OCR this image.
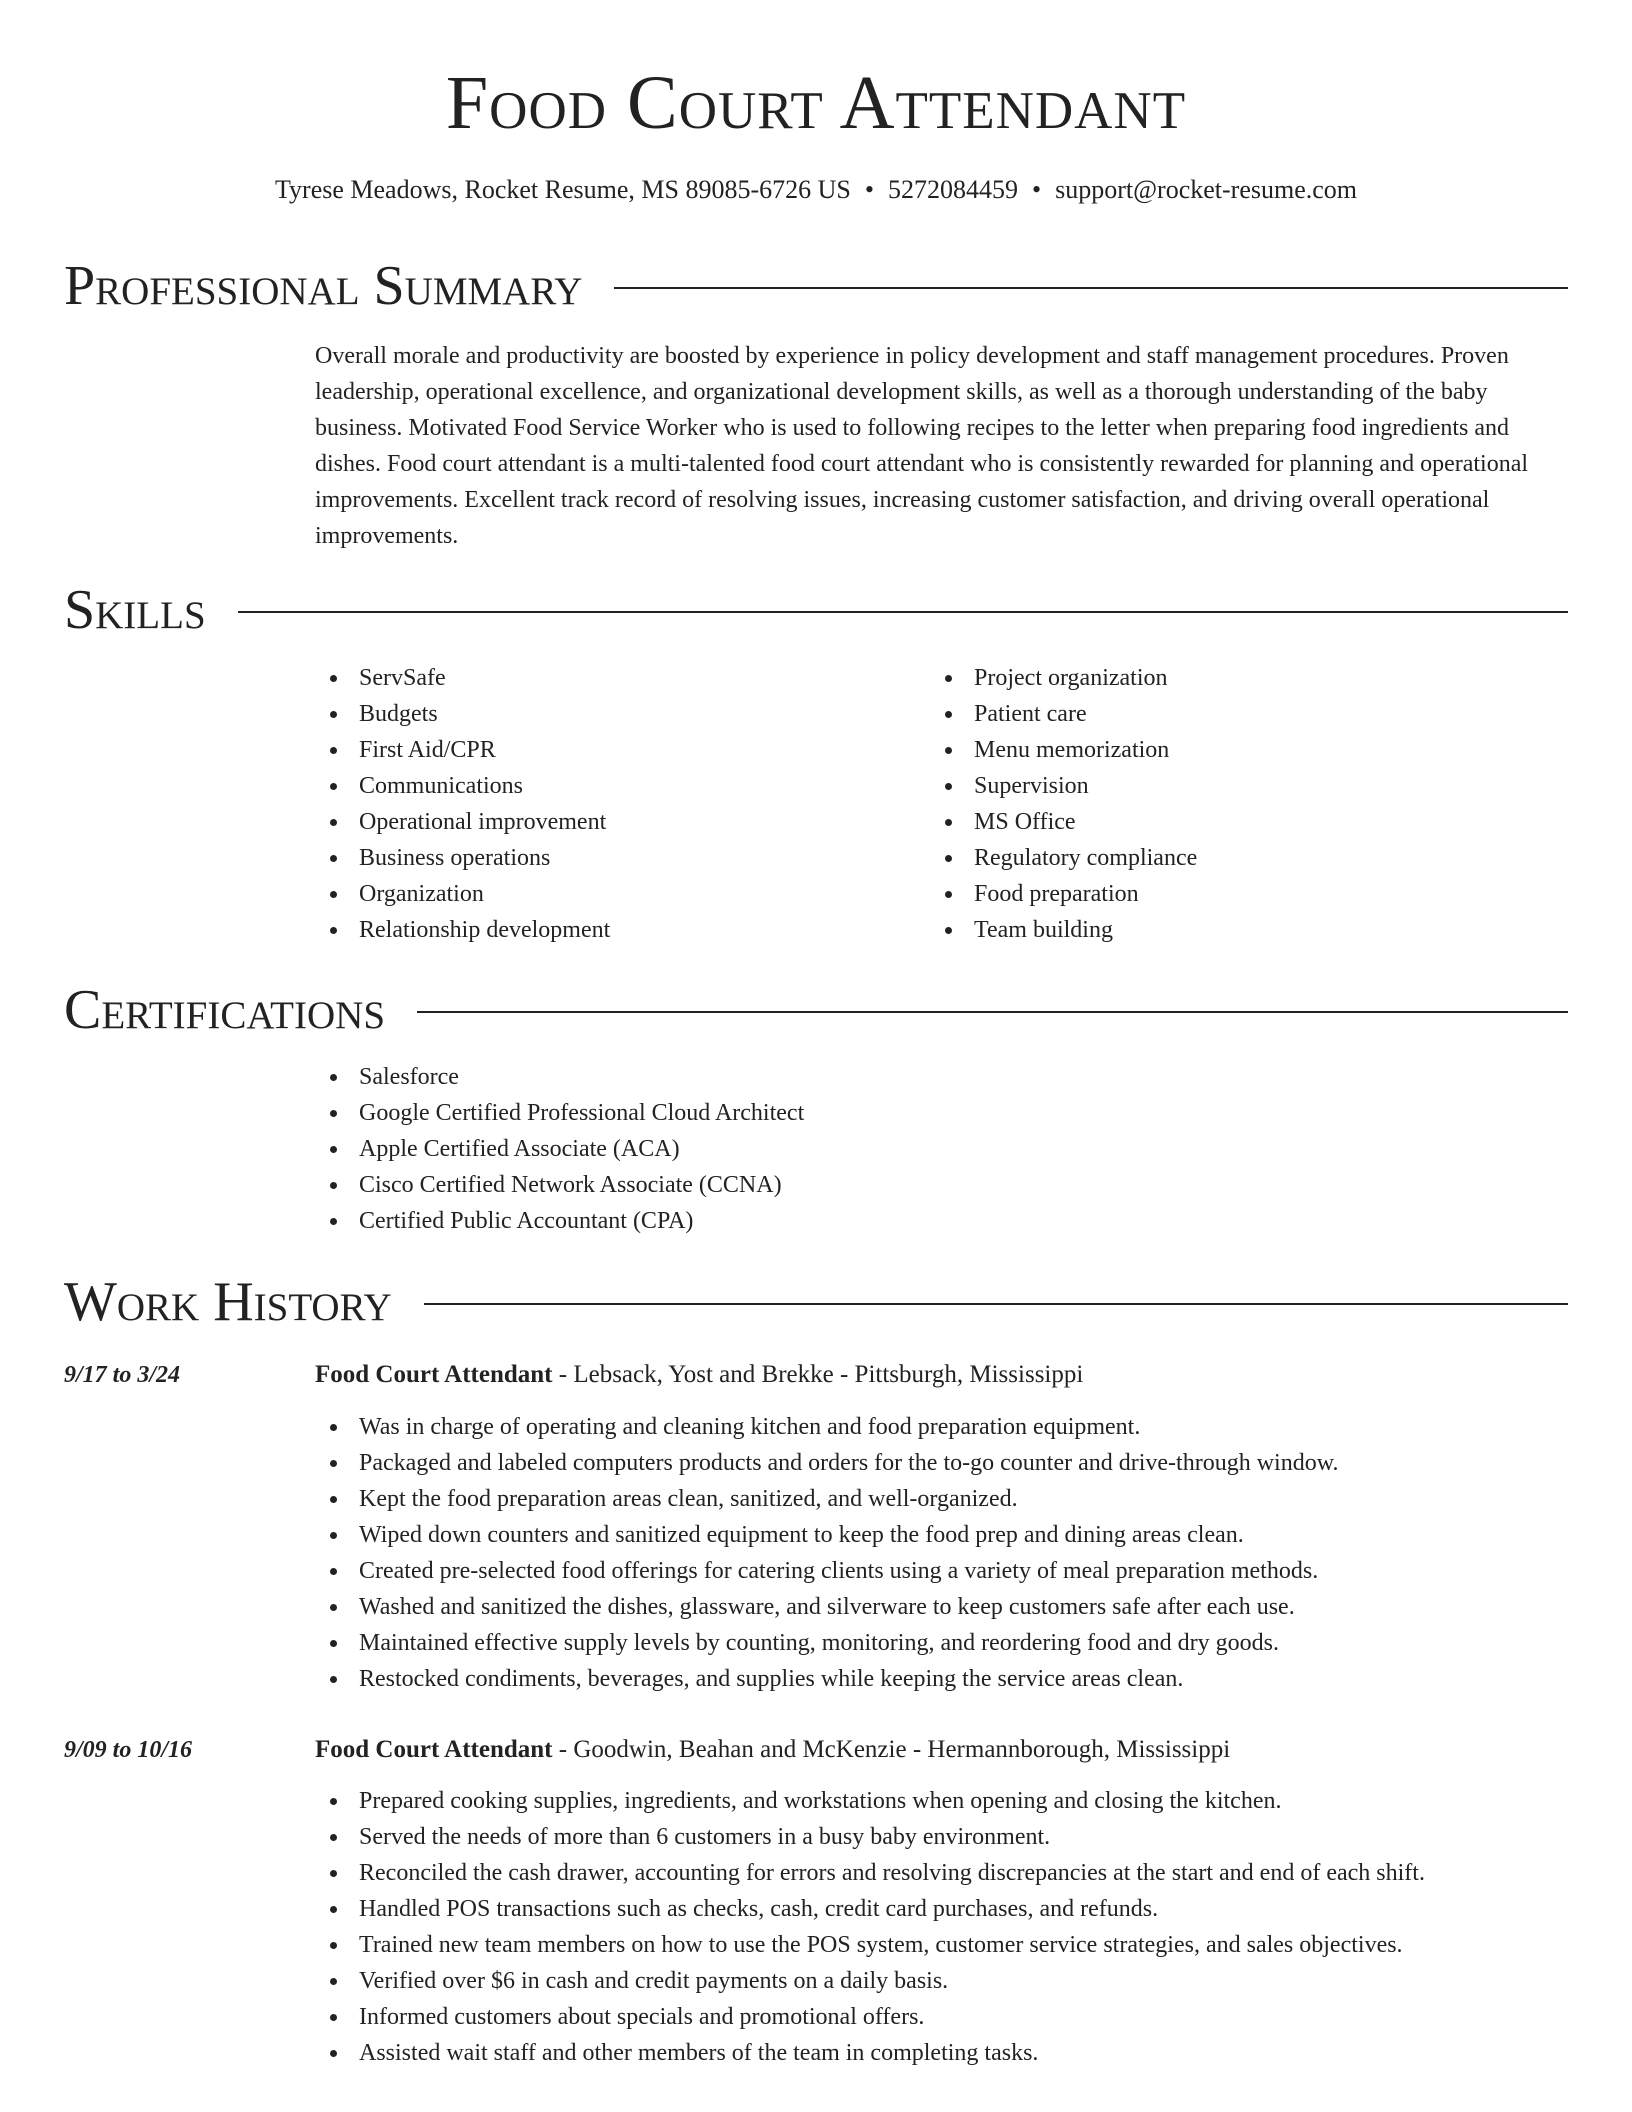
Food Court Attendant
Tyrese Meadows, Rocket Resume, MS 89085-6726 US • 5272084459 • support@rocket-resume.com
Professional Summary

Overall morale and productivity are boosted by experience in policy development and staff management procedures. Proven leadership, operational excellence, and organizational development skills, as well as a thorough understanding of the baby business. Motivated Food Service Worker who is used to following recipes to the letter when preparing food ingredients and dishes. Food court attendant is a multi-talented food court attendant who is consistently rewarded for planning and operational improvements. Excellent track record of resolving issues, increasing customer satisfaction, and driving overall operational improvements.

Skills
ServSafe
Budgets
First Aid/CPR
Communications
Operational improvement
Business operations
Organization
Relationship development
Project organization
Patient care
Menu memorization
Supervision
MS Office
Regulatory compliance
Food preparation
Team building
Certifications
Salesforce
Google Certified Professional Cloud Architect
Apple Certified Associate (ACA)
Cisco Certified Network Associate (CCNA)
Certified Public Accountant (CPA)
Work History
9/17 to 3/24	Food Court Attendant - Lebsack, Yost and Brekke - Pittsburgh, Mississippi
Was in charge of operating and cleaning kitchen and food preparation equipment.
Packaged and labeled computers products and orders for the to-go counter and drive-through window.
Kept the food preparation areas clean, sanitized, and well-organized.
Wiped down counters and sanitized equipment to keep the food prep and dining areas clean.
Created pre-selected food offerings for catering clients using a variety of meal preparation methods.
Washed and sanitized the dishes, glassware, and silverware to keep customers safe after each use.
Maintained effective supply levels by counting, monitoring, and reordering food and dry goods.
Restocked condiments, beverages, and supplies while keeping the service areas clean.
9/09 to 10/16	Food Court Attendant - Goodwin, Beahan and McKenzie - Hermannborough, Mississippi
Prepared cooking supplies, ingredients, and workstations when opening and closing the kitchen.
Served the needs of more than 6 customers in a busy baby environment.
Reconciled the cash drawer, accounting for errors and resolving discrepancies at the start and end of each shift.
Handled POS transactions such as checks, cash, credit card purchases, and refunds.
Trained new team members on how to use the POS system, customer service strategies, and sales objectives.
Verified over $6 in cash and credit payments on a daily basis.
Informed customers about specials and promotional offers.
Assisted wait staff and other members of the team in completing tasks.
